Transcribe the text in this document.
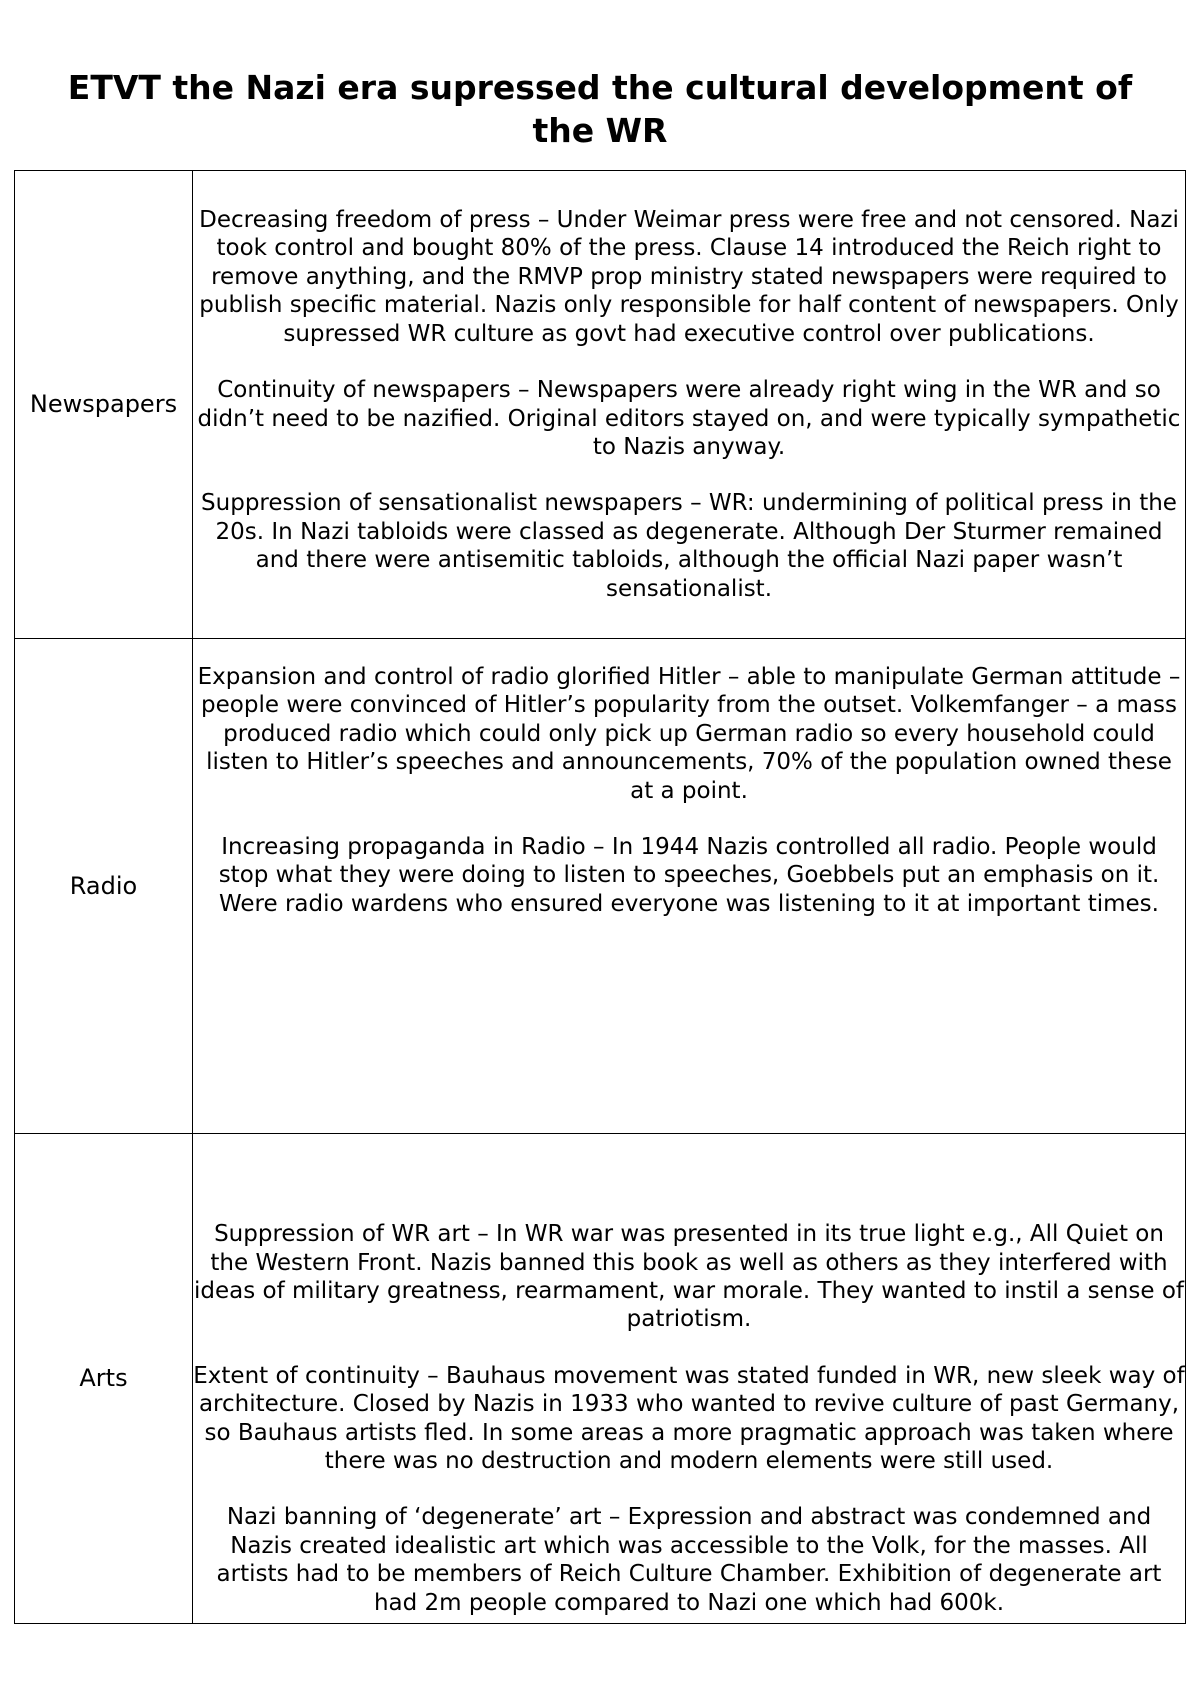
ETVT the Nazi era supressed the cultural development of the WR
Newspapers	Decreasing freedom of press – Under Weimar press were free and not censored. Nazi took control and bought 80% of the press. Clause 14 introduced the Reich right to remove anything, and the RMVP prop ministry stated newspapers were required to publish specific material. Nazis only responsible for half content of newspapers. Only supressed WR culture as govt had executive control over publications.

Continuity of newspapers – Newspapers were already right wing in the WR and so didn’t need to be nazified. Original editors stayed on, and were typically sympathetic to Nazis anyway.

Suppression of sensationalist newspapers – WR: undermining of political press in the 20s. In Nazi tabloids were classed as degenerate. Although Der Sturmer remained and there were antisemitic tabloids, although the official Nazi paper wasn’t sensationalist.

Radio	Expansion and control of radio glorified Hitler – able to manipulate German attitude – people were convinced of Hitler’s popularity from the outset. Volkemfanger – a mass produced radio which could only pick up German radio so every household could listen to Hitler’s speeches and announcements, 70% of the population owned these at a point.

Increasing propaganda in Radio – In 1944 Nazis controlled all radio. People would stop what they were doing to listen to speeches, Goebbels put an emphasis on it. Were radio wardens who ensured everyone was listening to it at important times.

Arts	Suppression of WR art – In WR war was presented in its true light e.g., All Quiet on the Western Front. Nazis banned this book as well as others as they interfered with ideas of military greatness, rearmament, war morale. They wanted to instil a sense of patriotism.

Extent of continuity – Bauhaus movement was stated funded in WR, new sleek way of architecture. Closed by Nazis in 1933 who wanted to revive culture of past Germany, so Bauhaus artists fled. In some areas a more pragmatic approach was taken where there was no destruction and modern elements were still used.

Nazi banning of ‘degenerate’ art – Expression and abstract was condemned and Nazis created idealistic art which was accessible to the Volk, for the masses. All artists had to be members of Reich Culture Chamber. Exhibition of degenerate art had 2m people compared to Nazi one which had 600k.
